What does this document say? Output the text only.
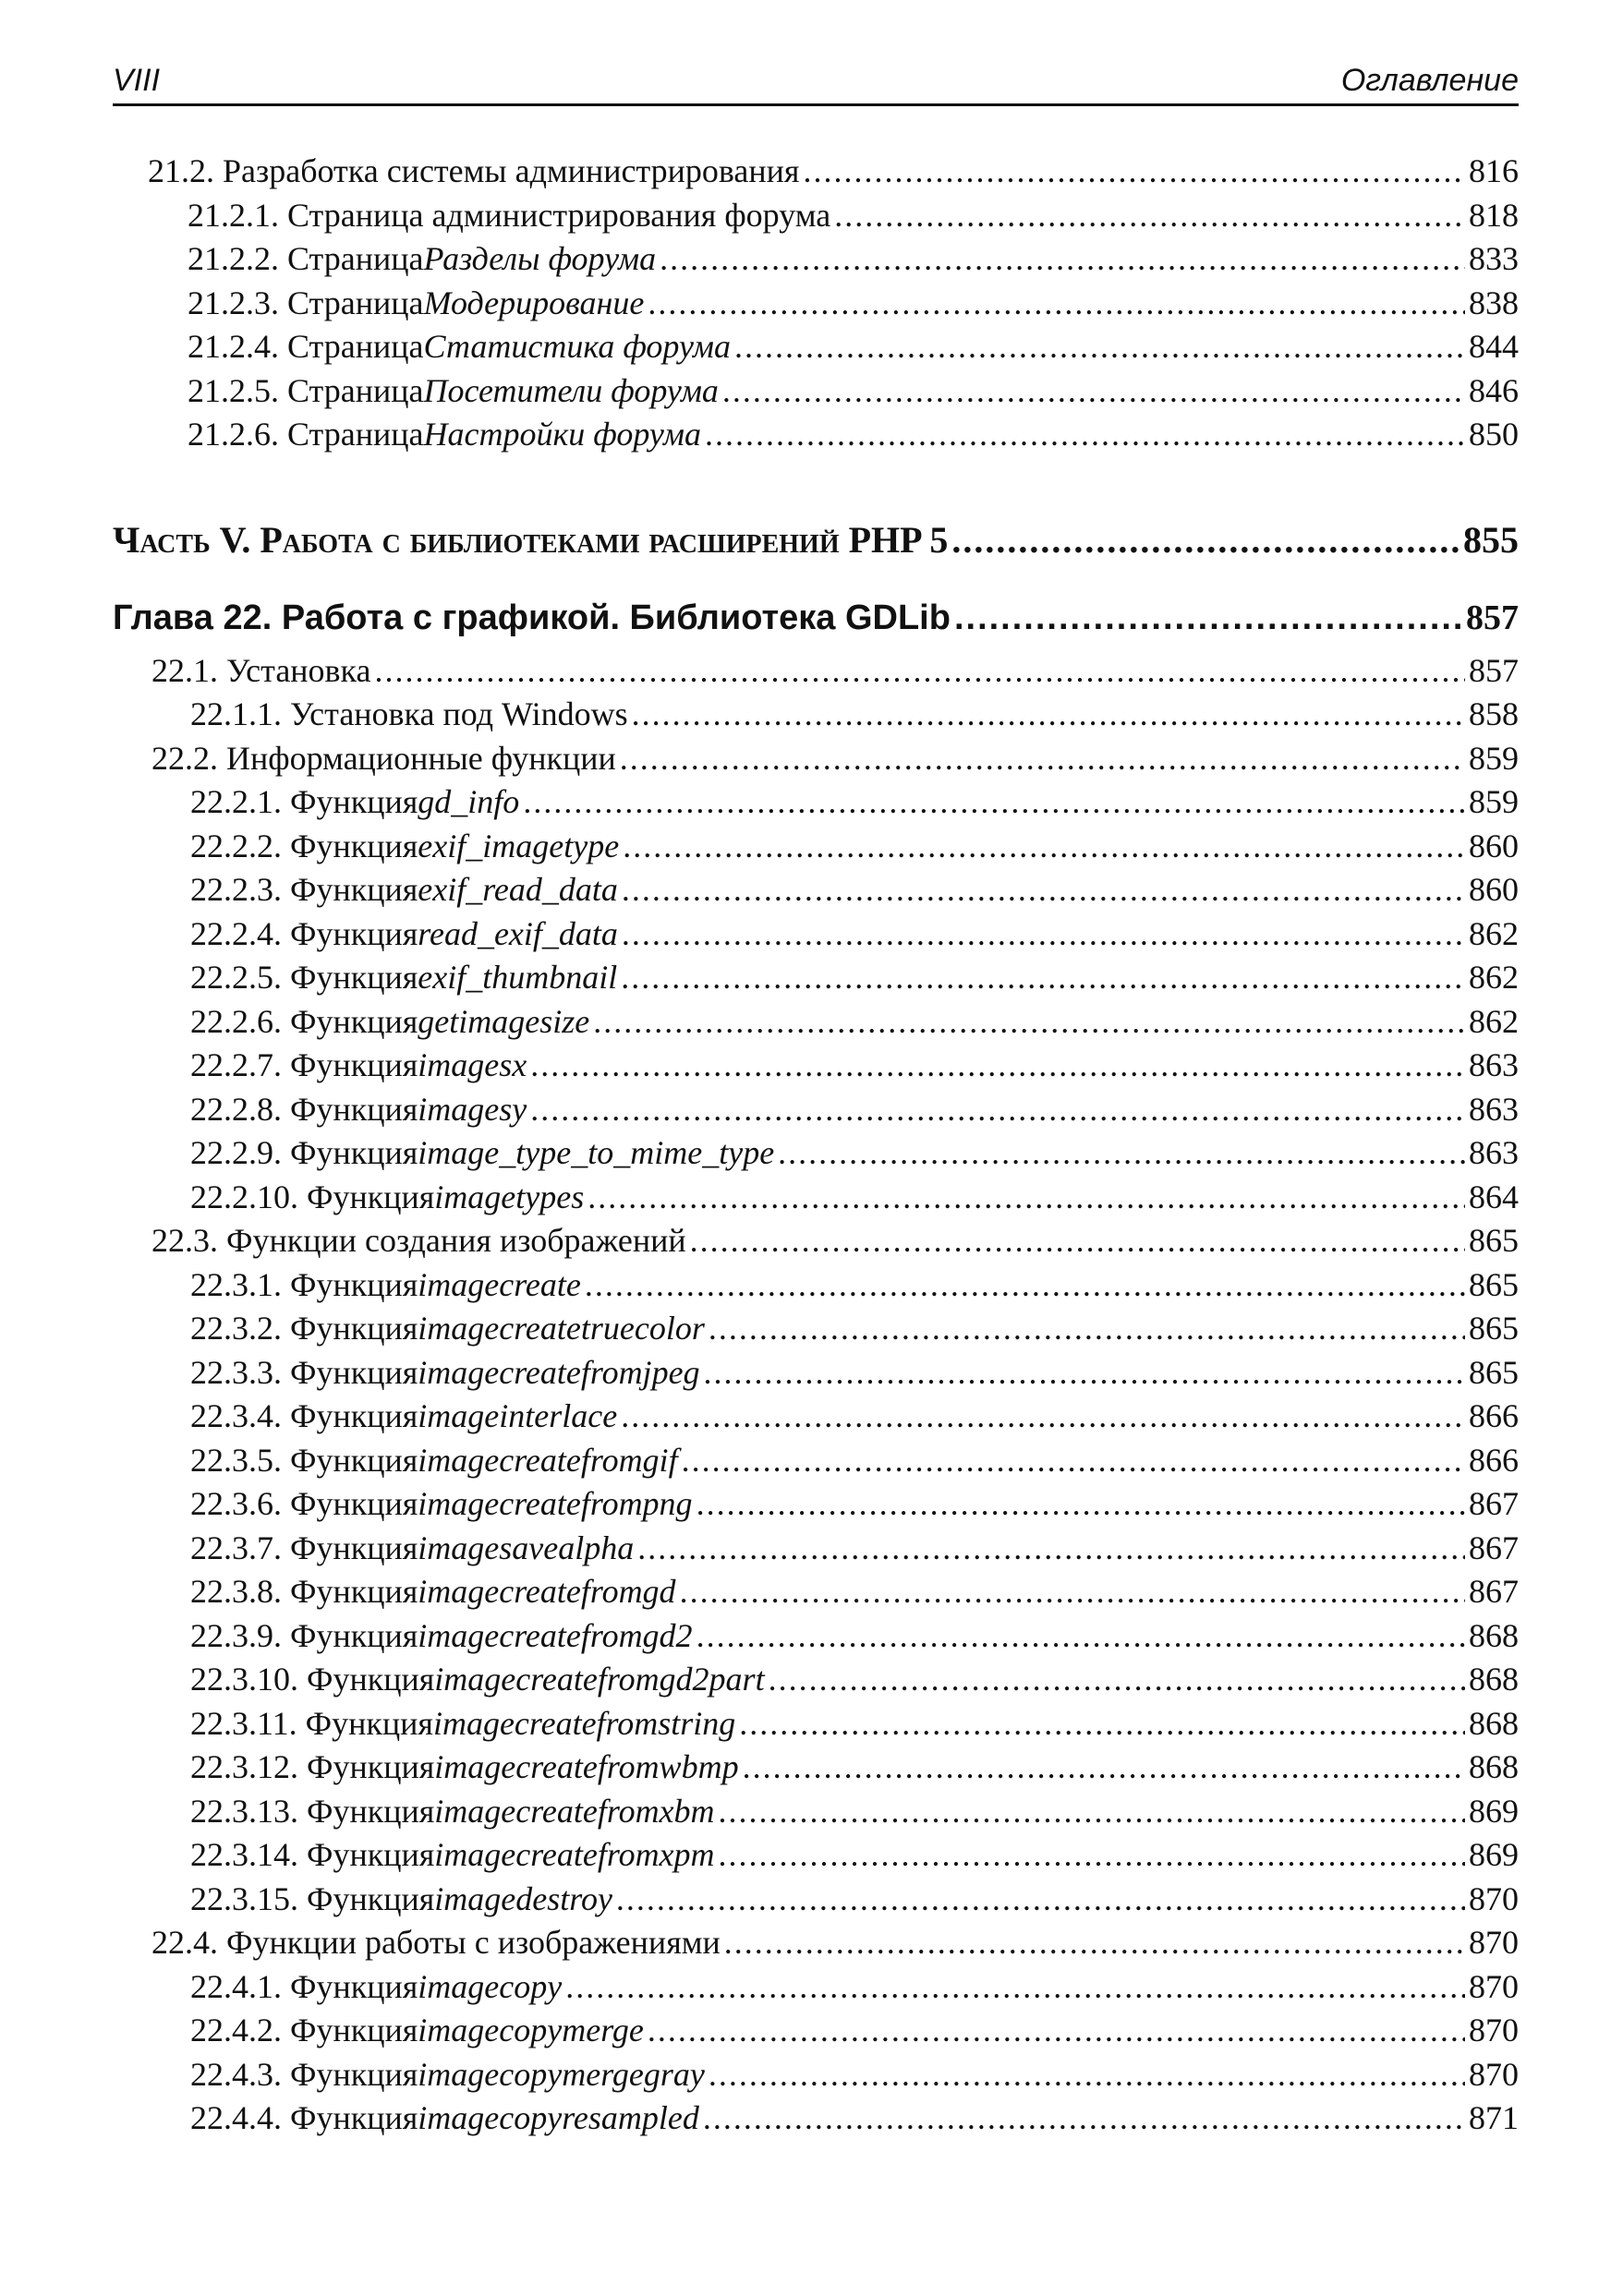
VIII	Оглавление
21.2. Разработка системы администрирования .....	816
21.2.1. Страница администрирования форума .....	818
21.2.2. Страница Разделы форума .....	833
21.2.3. Страница Модерирование .....	838
21.2.4. Страница Статистика форума .....	844
21.2.5. Страница Посетители форума .....	846
21.2.6. Страница Настройки форума .....	850
Часть V. Работа с библиотеками расширений PHP 5 .....	855
Глава 22. Работа с графикой. Библиотека GDLib .....	857
22.1. Установка .....	857
22.1.1. Установка под Windows .....	858
22.2. Информационные функции .....	859
22.2.1. Функция gd_info .....	859
22.2.2. Функция exif_imagetype .....	860
22.2.3. Функция exif_read_data .....	860
22.2.4. Функция read_exif_data .....	862
22.2.5. Функция exif_thumbnail .....	862
22.2.6. Функция getimagesize .....	862
22.2.7. Функция imagesx .....	863
22.2.8. Функция imagesy .....	863
22.2.9. Функция image_type_to_mime_type .....	863
22.2.10. Функция imagetypes .....	864
22.3. Функции создания изображений .....	865
22.3.1. Функция imagecreate .....	865
22.3.2. Функция imagecreatetruecolor .....	865
22.3.3. Функция imagecreatefromjpeg .....	865
22.3.4. Функция imageinterlace .....	866
22.3.5. Функция imagecreatefromgif .....	866
22.3.6. Функция imagecreatefrompng .....	867
22.3.7. Функция imagesavealpha .....	867
22.3.8. Функция imagecreatefromgd .....	867
22.3.9. Функция imagecreatefromgd2 .....	868
22.3.10. Функция imagecreatefromgd2part .....	868
22.3.11. Функция imagecreatefromstring .....	868
22.3.12. Функция imagecreatefromwbmp .....	868
22.3.13. Функция imagecreatefromxbm .....	869
22.3.14. Функция imagecreatefromxpm .....	869
22.3.15. Функция imagedestroy .....	870
22.4. Функции работы с изображениями .....	870
22.4.1. Функция imagecopy .....	870
22.4.2. Функция imagecopymerge .....	870
22.4.3. Функция imagecopymergegray .....	870
22.4.4. Функция imagecopyresampled .....	871
